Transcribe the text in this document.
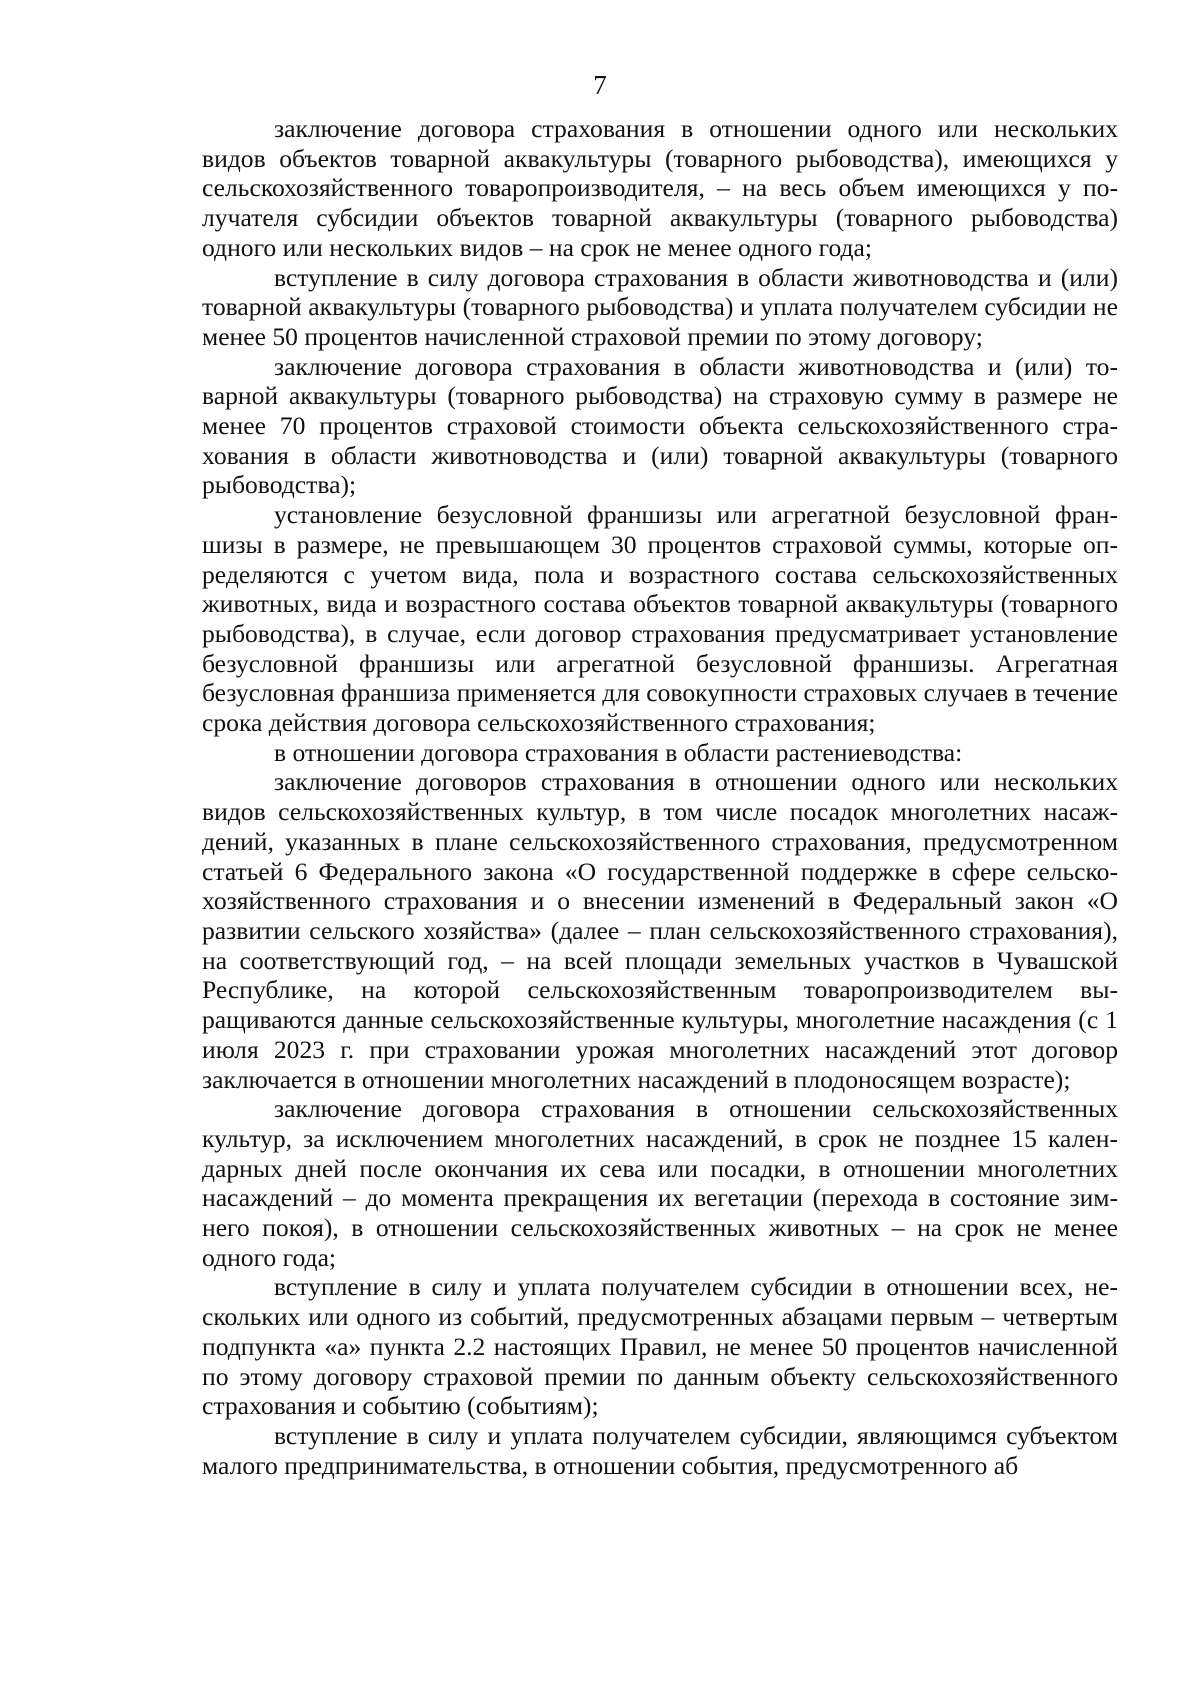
7

заключение договора страхования в отношении одного или нескольких видов объектов товарной аквакультуры (товарного рыбоводства), имеющихся у сельскохозяйственного товаропроизводителя, – на весь объем имеющихся у получателя субсидии объектов товарной аквакультуры (товарного рыбоводства) одного или нескольких видов – на срок не менее одного года;

вступление в силу договора страхования в области животноводства и (или) товарной аквакультуры (товарного рыбоводства) и уплата получателем субсидии не менее 50 процентов начисленной страховой премии по этому договору;

заключение договора страхования в области животноводства и (или) товарной аквакультуры (товарного рыбоводства) на страховую сумму в размере не менее 70 процентов страховой стоимости объекта сельскохозяйственного страхования в области животноводства и (или) товарной аквакультуры (товарного рыбоводства);

установление безусловной франшизы или агрегатной безусловной франшизы в размере, не превышающем 30 процентов страховой суммы, которые определяются с учетом вида, пола и возрастного состава сельскохозяйственных животных, вида и возрастного состава объектов товарной аквакультуры (товарного рыбоводства), в случае, если договор страхования предусматривает установление безусловной франшизы или агрегатной безусловной франшизы. Агрегатная безусловная франшиза применяется для совокупности страховых случаев в течение срока действия договора сельскохозяйственного страхования;

в отношении договора страхования в области растениеводства:

заключение договоров страхования в отношении одного или нескольких видов сельскохозяйственных культур, в том числе посадок многолетних насаждений, указанных в плане сельскохозяйственного страхования, предусмотренном статьей 6 Федерального закона «О государственной поддержке в сфере сельскохозяйственного страхования и о внесении изменений в Федеральный закон «О развитии сельского хозяйства» (далее – план сельскохозяйственного страхования), на соответствующий год, – на всей площади земельных участков в Чувашской Республике, на которой сельскохозяйственным товаропроизводителем выращиваются данные сельскохозяйственные культуры, многолетние насаждения (с 1 июля 2023 г. при страховании урожая многолетних насаждений этот договор заключается в отношении многолетних насаждений в плодоносящем возрасте);

заключение договора страхования в отношении сельскохозяйственных культур, за исключением многолетних насаждений, в срок не позднее 15 календарных дней после окончания их сева или посадки, в отношении многолетних насаждений – до момента прекращения их вегетации (перехода в состояние зимнего покоя), в отношении сельскохозяйственных животных – на срок не менее одного года;

вступление в силу и уплата получателем субсидии в отношении всех, нескольких или одного из событий, предусмотренных абзацами первым – четвертым подпункта «а» пункта 2.2 настоящих Правил, не менее 50 процентов начисленной по этому договору страховой премии по данным объекту сельскохозяйственного страхования и событию (событиям);

вступление в силу и уплата получателем субсидии, являющимся субъектом малого предпринимательства, в отношении события, предусмотренного аб
